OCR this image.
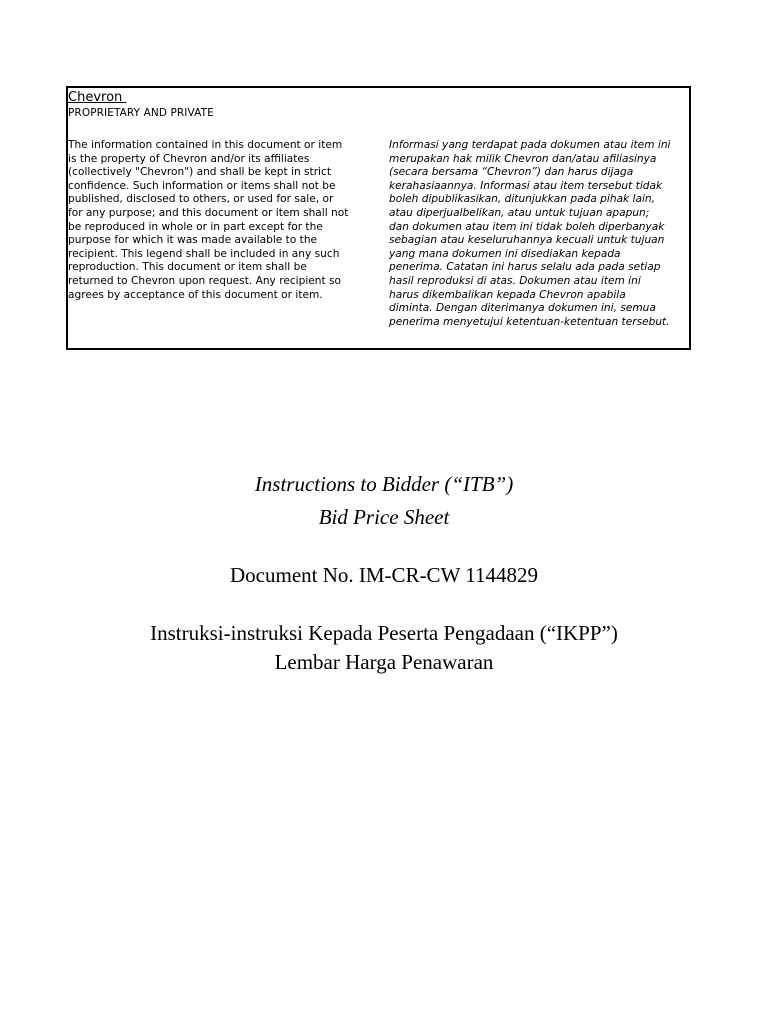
Chevron
PROPRIETARY AND PRIVATE
The information contained in this document or item
is the property of Chevron and/or its affiliates
(collectively "Chevron") and shall be kept in strict
confidence. Such information or items shall not be
published, disclosed to others, or used for sale, or
for any purpose; and this document or item shall not
be reproduced in whole or in part except for the
purpose for which it was made available to the
recipient. This legend shall be included in any such
reproduction. This document or item shall be
returned to Chevron upon request. Any recipient so
agrees by acceptance of this document or item.
Informasi yang terdapat pada dokumen atau item ini
merupakan hak milik Chevron dan/atau afiliasinya
(secara bersama “Chevron”) dan harus dijaga
kerahasiaannya. Informasi atau item tersebut tidak
boleh dipublikasikan, ditunjukkan pada pihak lain,
atau diperjualbelikan, atau untuk tujuan apapun;
dan dokumen atau item ini tidak boleh diperbanyak
sebagian atau keseluruhannya kecuali untuk tujuan
yang mana dokumen ini disediakan kepada
penerima. Catatan ini harus selalu ada pada setiap
hasil reproduksi di atas. Dokumen atau item ini
harus dikembalikan kepada Chevron apabila
diminta. Dengan diterimanya dokumen ini, semua
penerima menyetujui ketentuan-ketentuan tersebut.
Instructions to Bidder (“ITB”)
Bid Price Sheet
Document No. IM-CR-CW 1144829
Instruksi-instruksi Kepada Peserta Pengadaan (“IKPP”)
Lembar Harga Penawaran
